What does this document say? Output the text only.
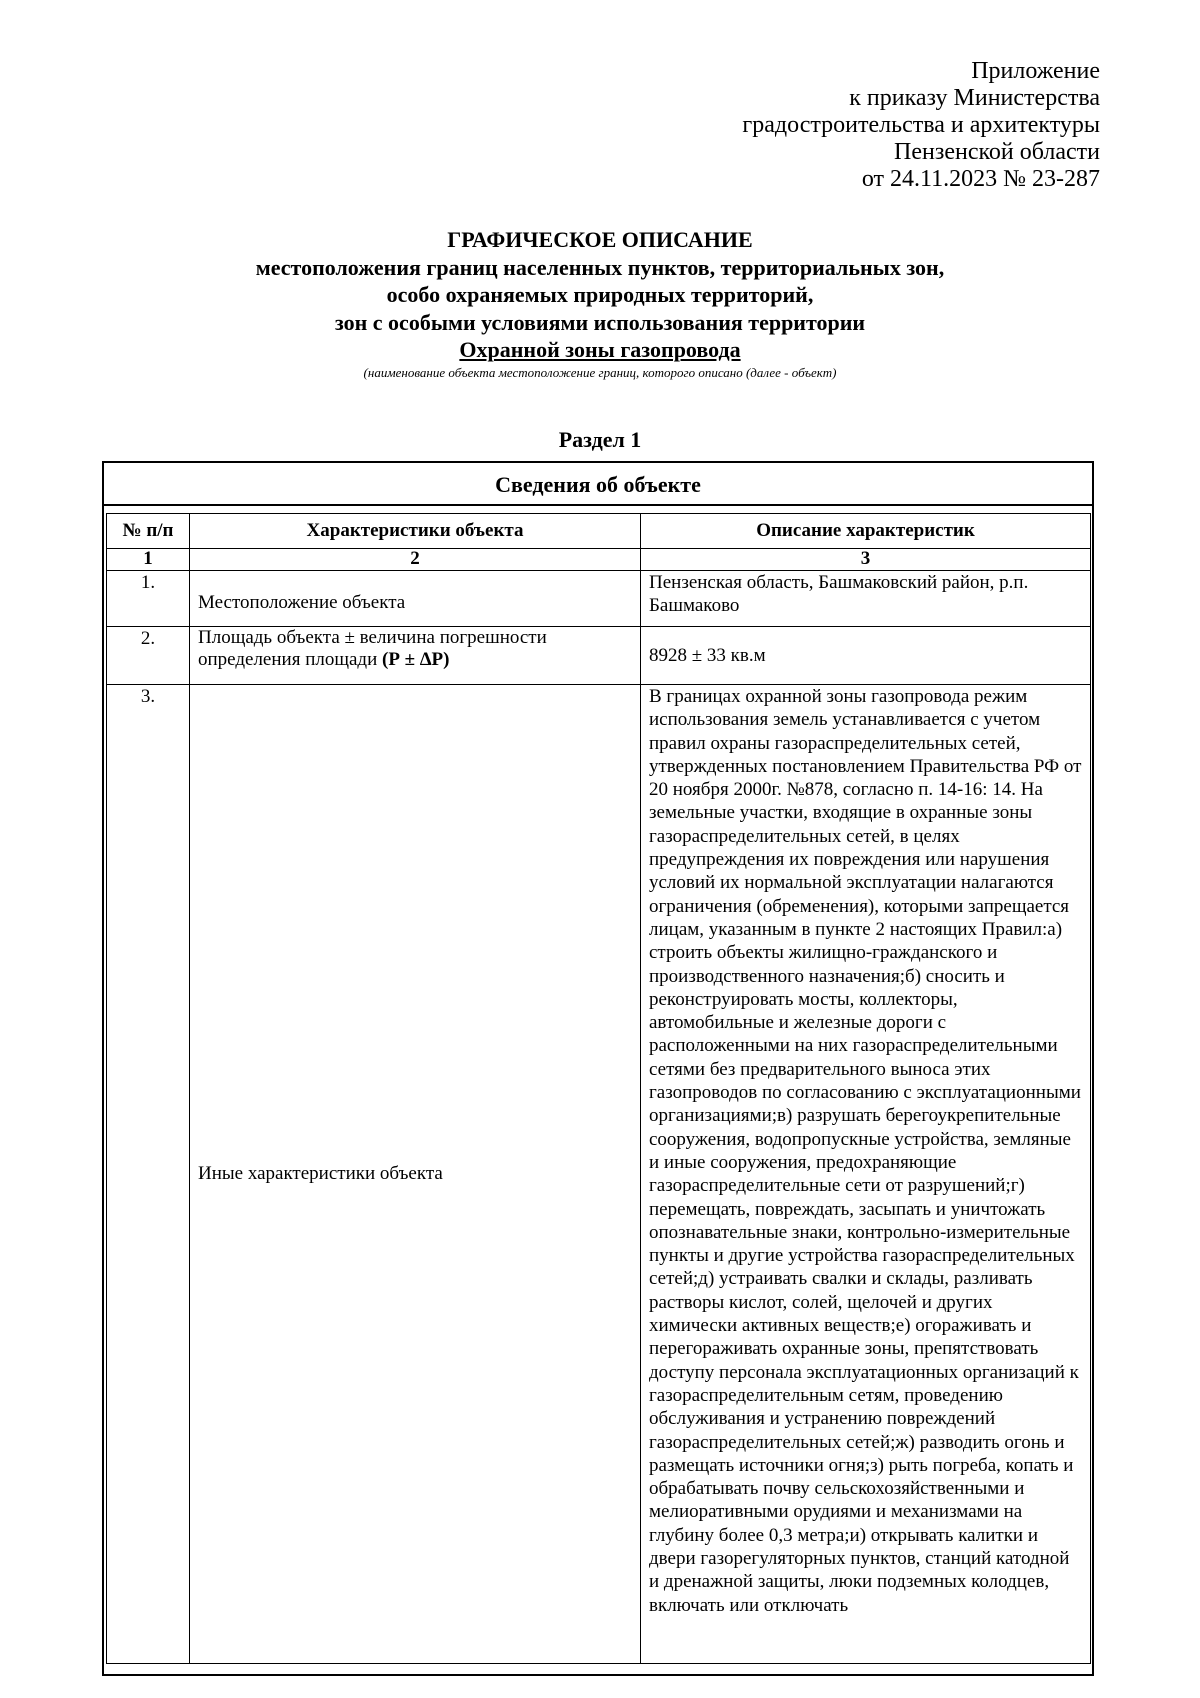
Приложение
к приказу Министерства
градостроительства и архитектуры
Пензенской области
от 24.11.2023 № 23-287
ГРАФИЧЕСКОЕ ОПИСАНИЕ
местоположения границ населенных пунктов, территориальных зон,
особо охраняемых природных территорий,
зон с особыми условиями использования территории
Охранной зоны газопровода
(наименование объекта местоположение границ, которого описано (далее - объект)
Раздел 1
Сведения об объекте
№ п/п	Характеристики объекта	Описание характеристик
1	2	3
1.	Местоположение объекта	Пензенская область, Башмаковский район, р.п. Башмаково
2.	Площадь объекта ± величина погрешности определения площади (Р ± ∆Р)	8928 ± 33 кв.м
3.	Иные характеристики объекта	В границах охранной зоны газопровода режим использования земель устанавливается с учетом правил охраны газораспределительных сетей, утвержденных постановлением Правительства РФ от 20 ноября 2000г. №878, согласно п. 14-16: 14. На земельные участки, входящие в охранные зоны газораспределительных сетей, в целях предупреждения их повреждения или нарушения условий их нормальной эксплуатации налагаются ограничения (обременения), которыми запрещается лицам, указанным в пункте 2 настоящих Правил:а) строить объекты жилищно-гражданского и производственного назначения;б) сносить и реконструировать мосты, коллекторы, автомобильные и железные дороги с расположенными на них газораспределительными сетями без предварительного выноса этих газопроводов по согласованию с эксплуатационными организациями;в) разрушать берегоукрепительные сооружения, водопропускные устройства, земляные и иные сооружения, предохраняющие газораспределительные сети от разрушений;г) перемещать, повреждать, засыпать и уничтожать опознавательные знаки, контрольно-измерительные пункты и другие устройства газораспределительных сетей;д) устраивать свалки и склады, разливать растворы кислот, солей, щелочей и других химически активных веществ;е) огораживать и перегораживать охранные зоны, препятствовать доступу персонала эксплуатационных организаций к газораспределительным сетям, проведению обслуживания и устранению повреждений газораспределительных сетей;ж) разводить огонь и размещать источники огня;з) рыть погреба, копать и обрабатывать почву сельскохозяйственными и мелиоративными орудиями и механизмами на глубину более 0,3 метра;и) открывать калитки и двери газорегуляторных пунктов, станций катодной и дренажной защиты, люки подземных колодцев, включать или отключать
